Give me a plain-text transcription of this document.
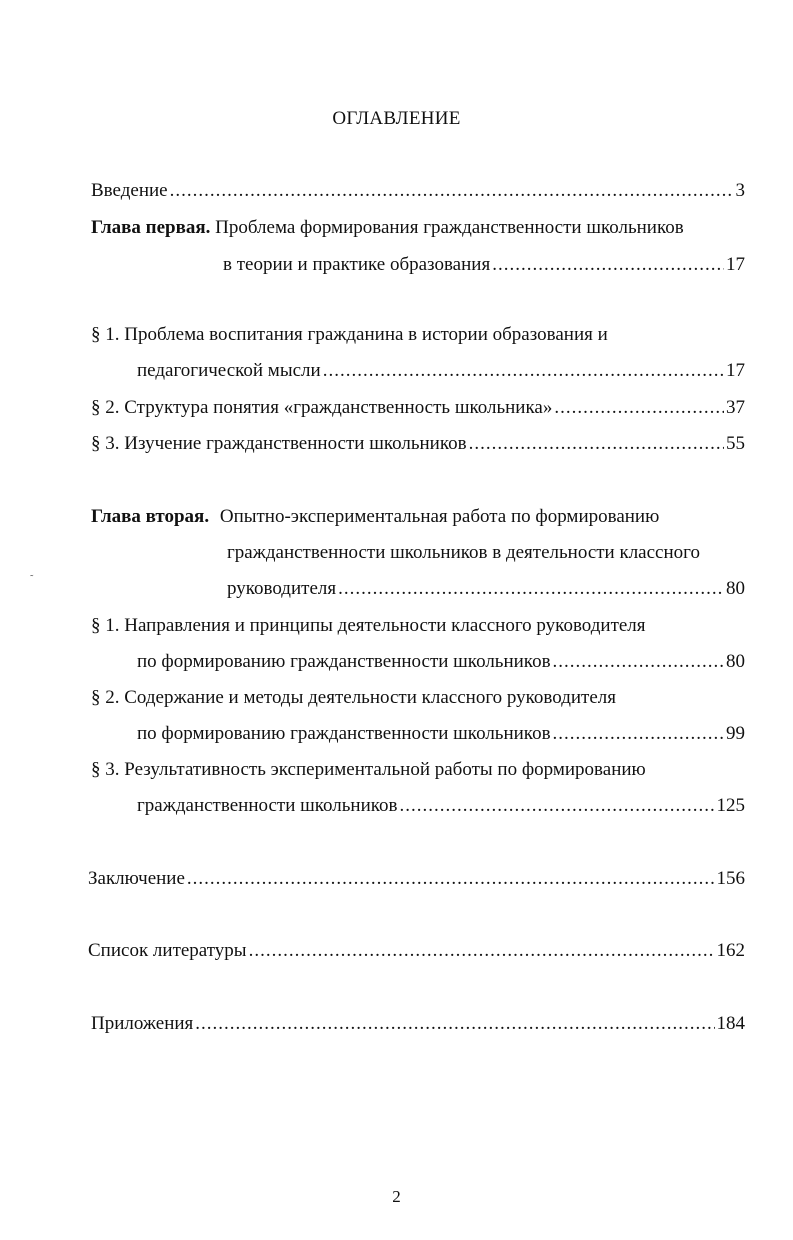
ОГЛАВЛЕНИЕ
Введение .....	3
Глава первая. Проблема формирования гражданственности школьников
в теории и практике образования .....	17
§ 1. Проблема воспитания гражданина в истории образования и
педагогической мысли .....	17
§ 2. Структура понятия «гражданственность школьника» .....	37
§ 3. Изучение гражданственности школьников .....	55
Глава вторая. Опытно-экспериментальная работа по формированию
гражданственности школьников в деятельности классного
руководителя .....	80
§ 1. Направления и принципы деятельности классного руководителя
по формированию гражданственности школьников .....	80
§ 2. Содержание и методы деятельности классного руководителя
по формированию гражданственности школьников .....	99
§ 3. Результативность экспериментальной работы по формированию
гражданственности школьников .....	125
Заключение .....	156
Список литературы .....	162
Приложения .....	184
˜
2
